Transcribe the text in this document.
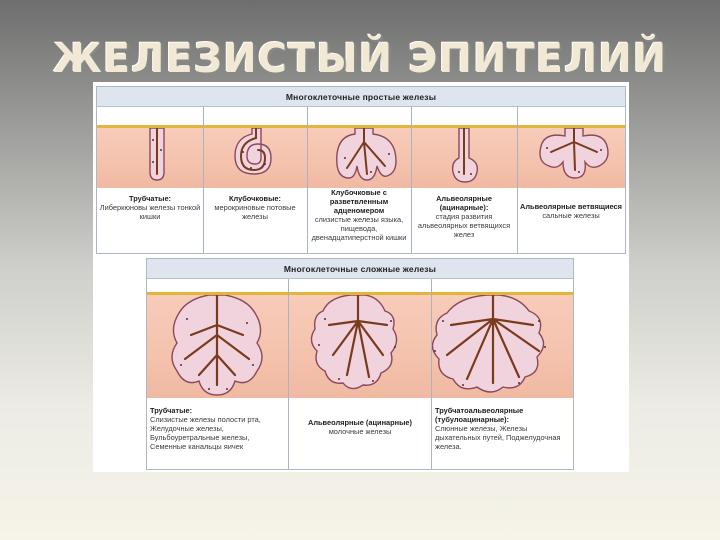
ЖЕЛЕЗИСТЫЙ ЭПИТЕЛИЙ
Многоклеточные простые железы
Трубчатые:
Либеркюновы железы тонкой кишки
Клубочковые:
мерокриновые потовые железы
Клубочковые с разветвленным адценомером
слизистые железы языка, пищевода, двенадцатиперстной кишки
Альвеолярные (ацинарные):
стадия развития альвеолярных ветвящихся желез
Альвеолярные ветвящиеся
сальные железы
Многоклеточные сложные железы
Трубчатые:
Слизистые железы полости рта, Желудочные железы, Бульбоуретральные железы, Семенные канальцы яичек
Альвеолярные (ацинарные)
молочные железы
Трубчатоальвеолярные (тубулоацинарные):
Слюнные железы, Железы дыхательных путей, Поджелудочная железа.
